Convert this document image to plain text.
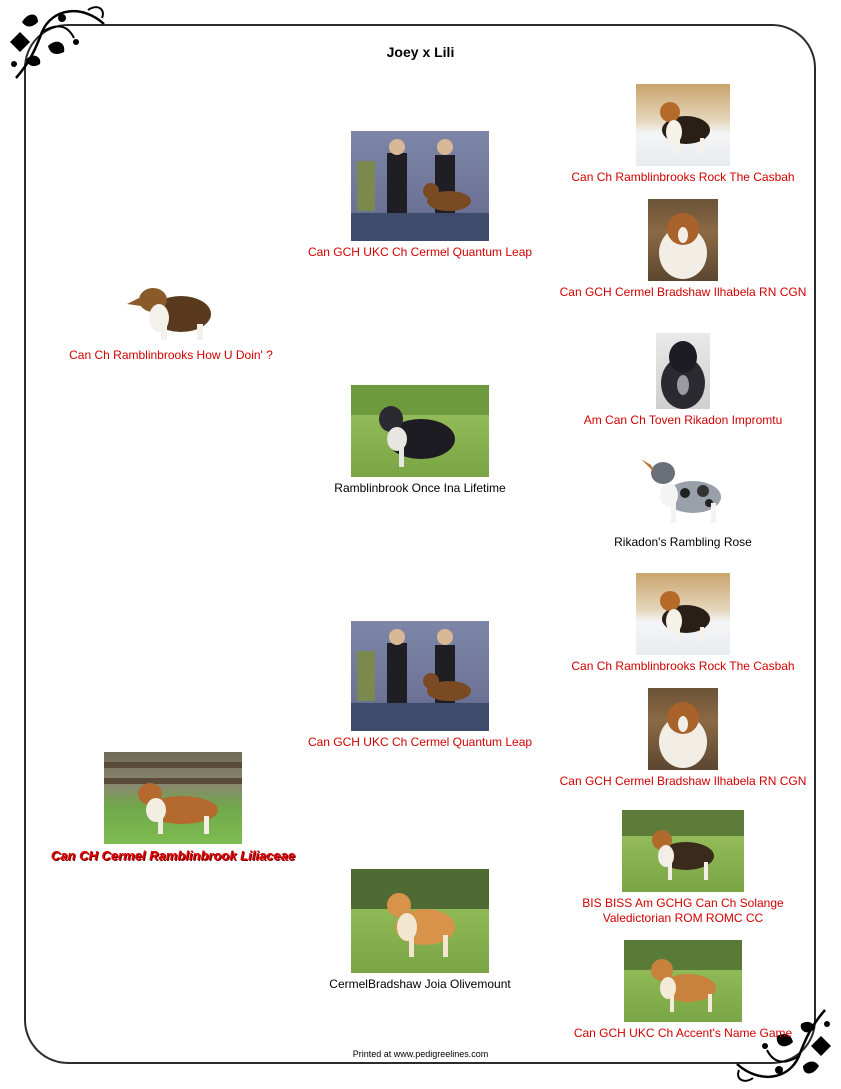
Joey x Lili
Can Ch Ramblinbrooks How U Doin' ?
Can CH Cermel Ramblinbrook Liliaceae
Can GCH UKC Ch Cermel Quantum Leap
Ramblinbrook Once Ina Lifetime
Can GCH UKC Ch Cermel Quantum Leap
CermelBradshaw Joia Olivemount
Can Ch Ramblinbrooks Rock The Casbah
Can GCH Cermel Bradshaw Ilhabela RN CGN
Am Can Ch Toven Rikadon Impromtu
Rikadon's Rambling Rose
Can Ch Ramblinbrooks Rock The Casbah
Can GCH Cermel Bradshaw Ilhabela RN CGN
BIS BISS Am GCHG Can Ch Solange Valedictorian ROM ROMC CC
Can GCH UKC Ch Accent's Name Game
Printed at www.pedigreelines.com
